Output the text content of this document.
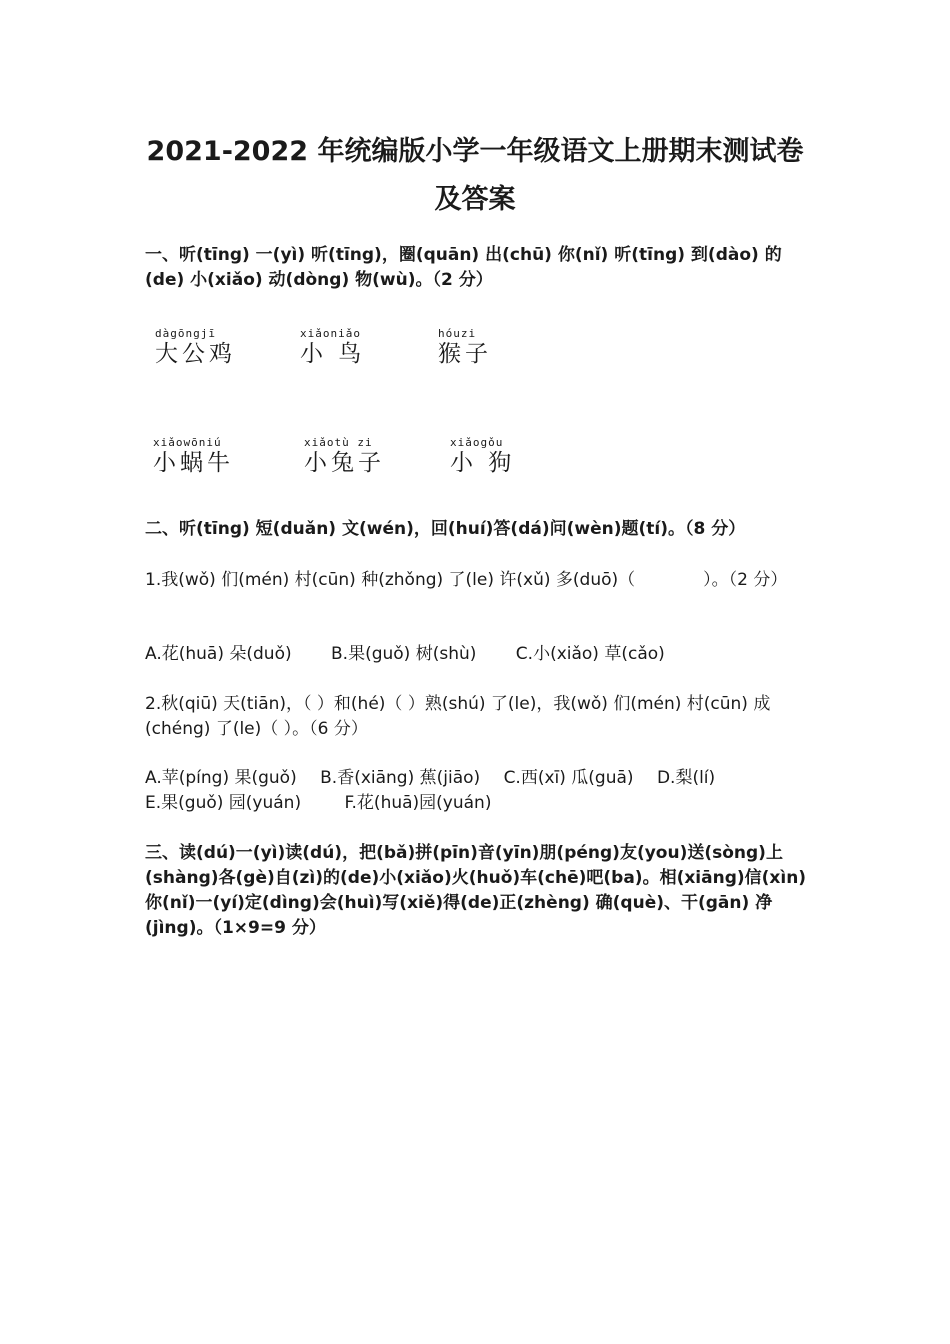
2021-2022 年统编版小学一年级语文上册期末测试卷
及答案

一、听(tīng) 一(yì) 听(tīng)，圈(quān) 出(chū) 你(nǐ) 听(tīng) 到(dào) 的(de) 小(xiǎo) 动(dòng) 物(wù)。（2 分）

dàgōngjī
大公鸡
xiǎoniǎo
小 鸟
hóuzi
猴子
xiǎowōniú
小蜗牛
xiǎotù zi
小兔子
xiǎogǒu
小 狗

二、听(tīng) 短(duǎn) 文(wén)，回(huí)答(dá)问(wèn)题(tí)。（8 分）

1.我(wǒ) 们(mén) 村(cūn) 种(zhǒng) 了(le) 许(xǔ) 多(duō)（　　　　）。（2 分）

A.花(huā) 朵(duǒ) B.果(guǒ) 树(shù) C.小(xiǎo) 草(cǎo)

2.秋(qiū) 天(tiān)，（ ）和(hé)（ ）熟(shú) 了(le)，我(wǒ) 们(mén) 村(cūn) 成(chéng) 了(le)（ ）。（6 分）

A.苹(píng) 果(guǒ) B.香(xiāng) 蕉(jiāo) C.西(xī) 瓜(guā) D.梨(lí) E.果(guǒ) 园(yuán)	F.花(huā)园(yuán)

三、读(dú)一(yì)读(dú)，把(bǎ)拼(pīn)音(yīn)朋(péng)友(you)送(sòng)上(shàng)各(gè)自(zì)的(de)小(xiǎo)火(huǒ)车(chē)吧(ba)。相(xiāng)信(xìn)你(nǐ)一(yí)定(dìng)会(huì)写(xiě)得(de)正(zhèng) 确(què)、干(gān) 净(jìng)。（1×9=9 分）
